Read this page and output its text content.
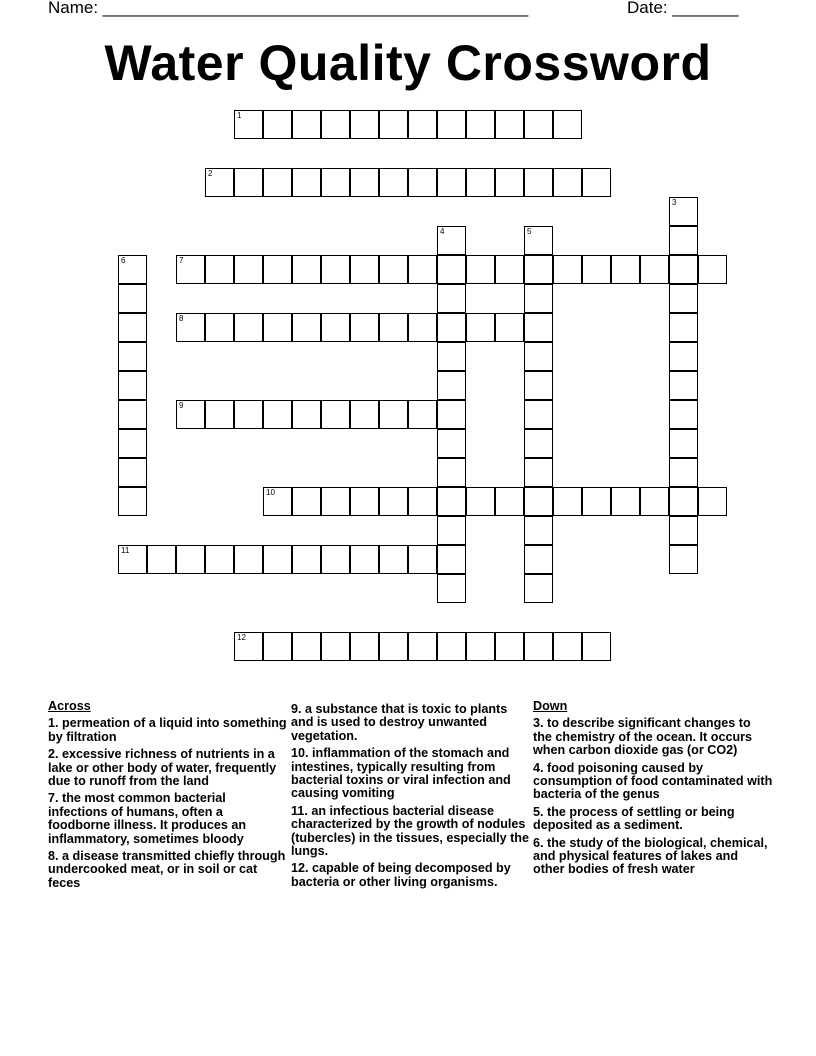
Name: _____________________________________________	Date: _______
Water Quality Crossword
1
2
3
4	5
6	7
8
9
10
11
12
Across
1. permeation of a liquid into something by filtration
2. excessive richness of nutrients in a lake or other body of water, frequently due to runoff from the land
7. the most common bacterial infections of humans, often a foodborne illness. It produces an inflammatory, sometimes bloody
8. a disease transmitted chiefly through undercooked meat, or in soil or cat feces
9. a substance that is toxic to plants and is used to destroy unwanted vegetation.
10. inflammation of the stomach and intestines, typically resulting from bacterial toxins or viral infection and causing vomiting
11. an infectious bacterial disease characterized by the growth of nodules (tubercles) in the tissues, especially the lungs.
12. capable of being decomposed by bacteria or other living organisms.
Down
3. to describe significant changes to the chemistry of the ocean. It occurs when carbon dioxide gas (or CO2)
4. food poisoning caused by consumption of food contaminated with bacteria of the genus
5. the process of settling or being deposited as a sediment.
6. the study of the biological, chemical, and physical features of lakes and other bodies of fresh water
